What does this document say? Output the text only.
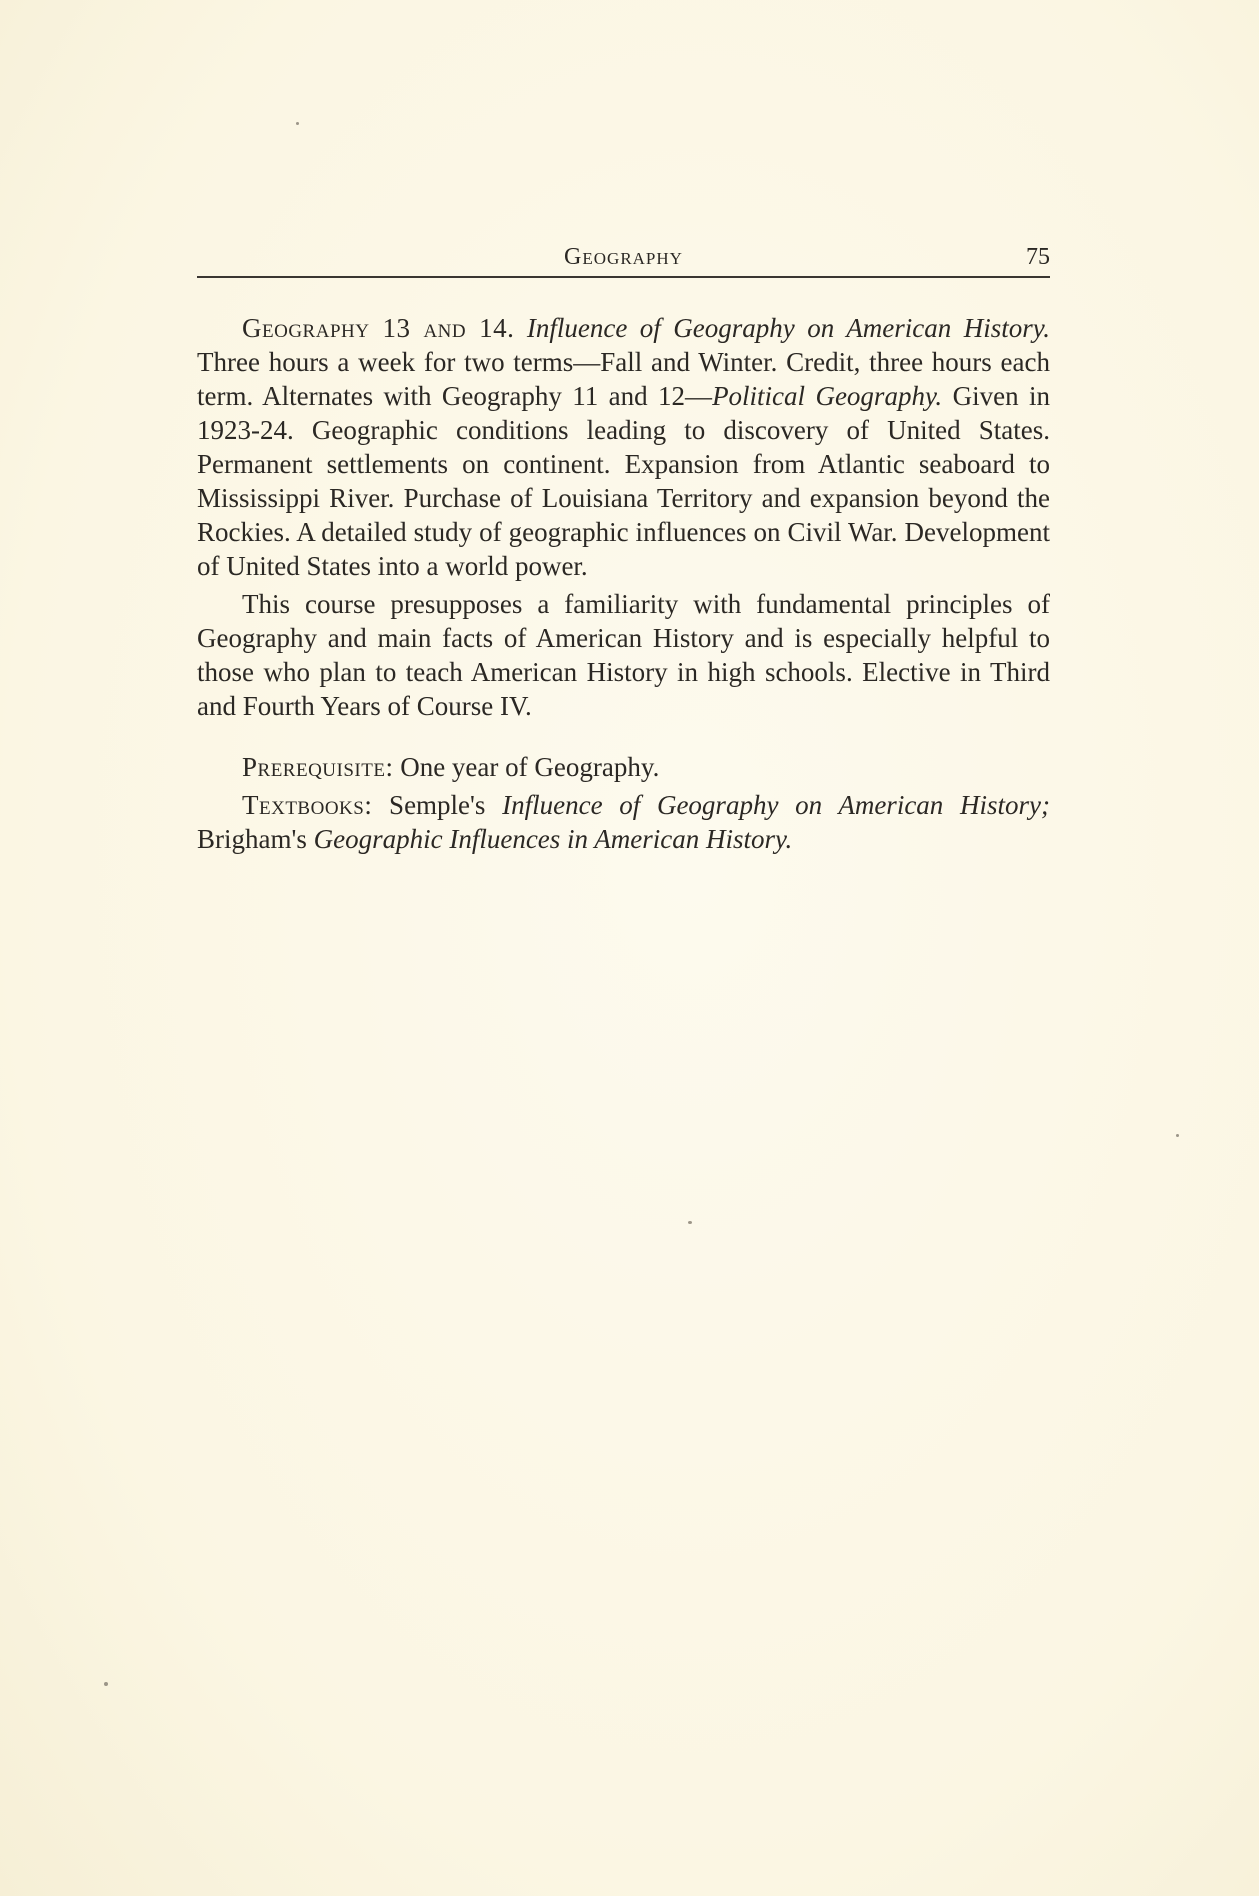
Geography	75

Geography 13 and 14. Influence of Geography on American History. Three hours a week for two terms—Fall and Winter. Credit, three hours each term. Alternates with Geography 11 and 12—Political Geography. Given in 1923-24. Geographic conditions leading to discovery of United States. Permanent settlements on continent. Expansion from Atlantic seaboard to Mississippi River. Purchase of Louisiana Territory and expansion beyond the Rockies. A detailed study of geographic influences on Civil War. Development of United States into a world power.

This course presupposes a familiarity with fundamental principles of Geography and main facts of American History and is especially helpful to those who plan to teach American History in high schools. Elective in Third and Fourth Years of Course IV.

Prerequisite: One year of Geography.

Textbooks: Semple's Influence of Geography on American History; Brigham's Geographic Influences in American History.
